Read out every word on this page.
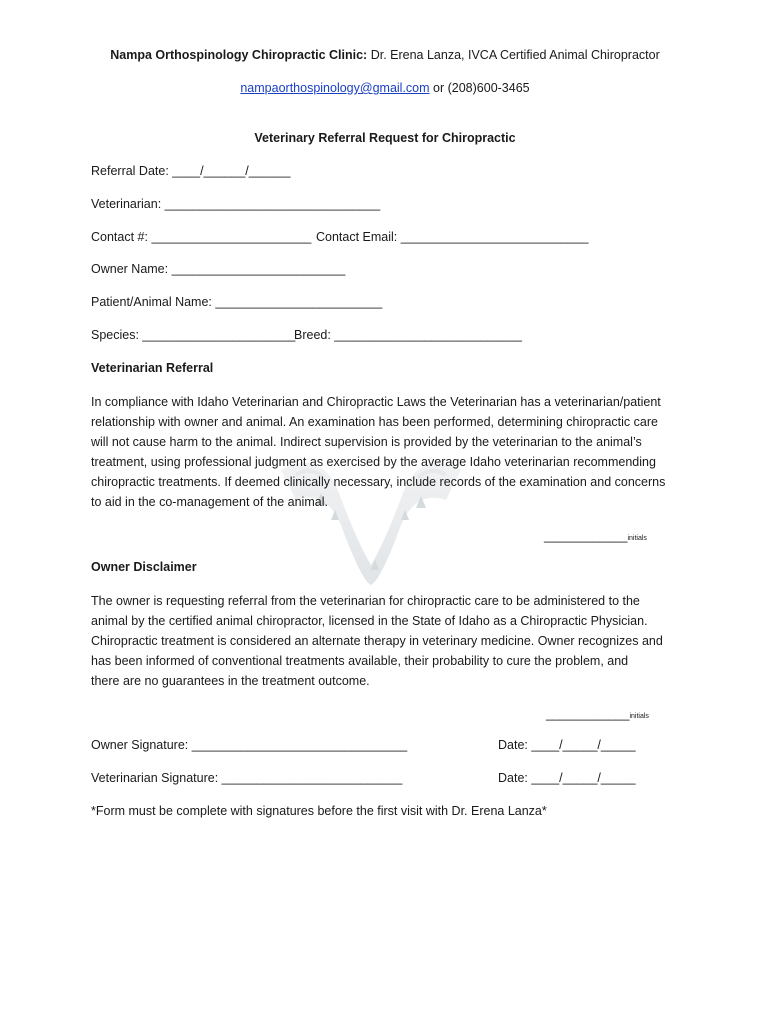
Nampa Orthospinology Chiropractic Clinic: Dr. Erena Lanza, IVCA Certified Animal Chiropractor
nampaorthospinology@gmail.com or (208)600-3465
Veterinary Referral Request for Chiropractic
Referral Date: ____/______/______
Veterinarian: _______________________________
Contact #: _______________________ Contact Email: ___________________________
Owner Name: _________________________
Patient/Animal Name: ________________________
Species: ______________________
Breed: ___________________________
Veterinarian Referral
In compliance with Idaho Veterinarian and Chiropractic Laws the Veterinarian has a veterinarian/patient
relationship with owner and animal. An examination has been performed, determining chiropractic care
will not cause harm to the animal. Indirect supervision is provided by the veterinarian to the animal’s
treatment, using professional judgment as exercised by the average Idaho veterinarian recommending
chiropractic treatments. If deemed clinically necessary, include records of the examination and concerns
to aid in the co-management of the animal.
____________initials
Owner Disclaimer
The owner is requesting referral from the veterinarian for chiropractic care to be administered to the
animal by the certified animal chiropractor, licensed in the State of Idaho as a Chiropractic Physician.
Chiropractic treatment is considered an alternate therapy in veterinary medicine. Owner recognizes and
has been informed of conventional treatments available, their probability to cure the problem, and
there are no guarantees in the treatment outcome.
____________initials
Owner Signature: _______________________________	Date: ____/_____/_____
Veterinarian Signature: __________________________	Date: ____/_____/_____
*Form must be complete with signatures before the first visit with Dr. Erena Lanza*
